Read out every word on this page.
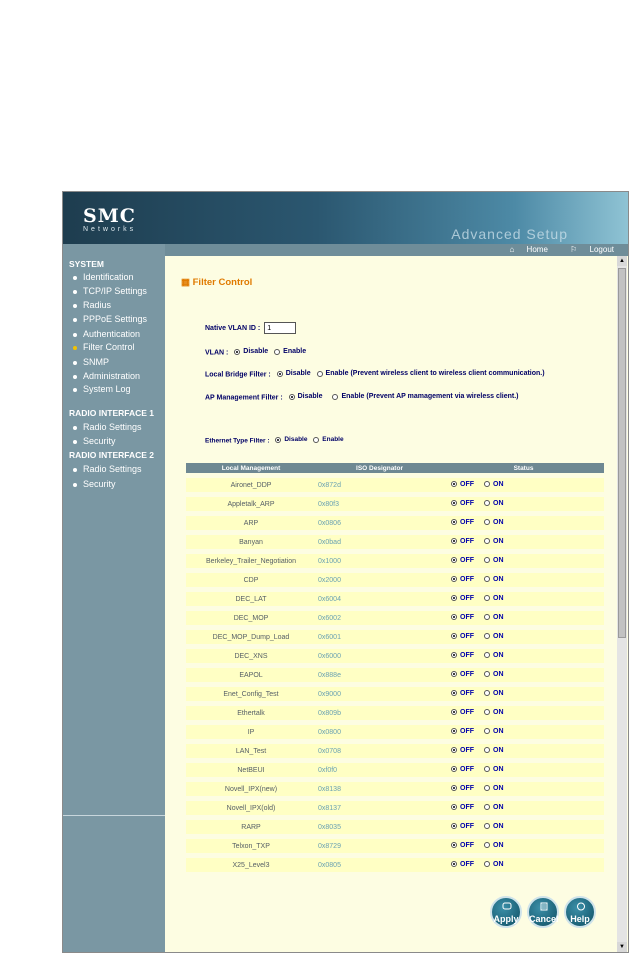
SMC
Networks	Advanced Setup
⌂ Home	⚐ Logout
SYSTEM
Identification
TCP/IP Settings
Radius
PPPoE Settings
Authentication
Filter Control
SNMP
Administration
System Log
RADIO INTERFACE 1
Radio Settings
Security
RADIO INTERFACE 2
Radio Settings
Security
▦ Filter Control
Native VLAN ID :1
VLAN : Disable
Enable
Local Bridge Filter : Disable
Enable (Prevent wireless client to wireless client communication.)
AP Management Filter : Disable
	Enable (Prevent AP mamagement via wireless client.)
Ethernet Type Filter : Disable
Enable
Local Management	ISO Designator	Status
Aironet_DDP	0x872d	OFF ON

Appletalk_ARP	0x80f3	OFF ON

ARP	0x0806	OFF ON

Banyan	0x0bad	OFF ON

Berkeley_Trailer_Negotiation	0x1000	OFF ON

CDP	0x2000	OFF ON

DEC_LAT	0x6004	OFF ON

DEC_MOP	0x6002	OFF ON

DEC_MOP_Dump_Load	0x6001	OFF ON

DEC_XNS	0x6000	OFF ON

EAPOL	0x888e	OFF ON

Enet_Config_Test	0x9000	OFF ON

Ethertalk	0x809b	OFF ON

IP	0x0800	OFF ON

LAN_Test	0x0708	OFF ON

NetBEUI	0xf0f0	OFF ON

Novell_IPX(new)	0x8138	OFF ON

Novell_IPX(old)	0x8137	OFF ON

RARP	0x8035	OFF ON

Telxon_TXP	0x8729	OFF ON

X25_Level3	0x0805	OFF ON
Apply	Cancel	Help
▲
▼
